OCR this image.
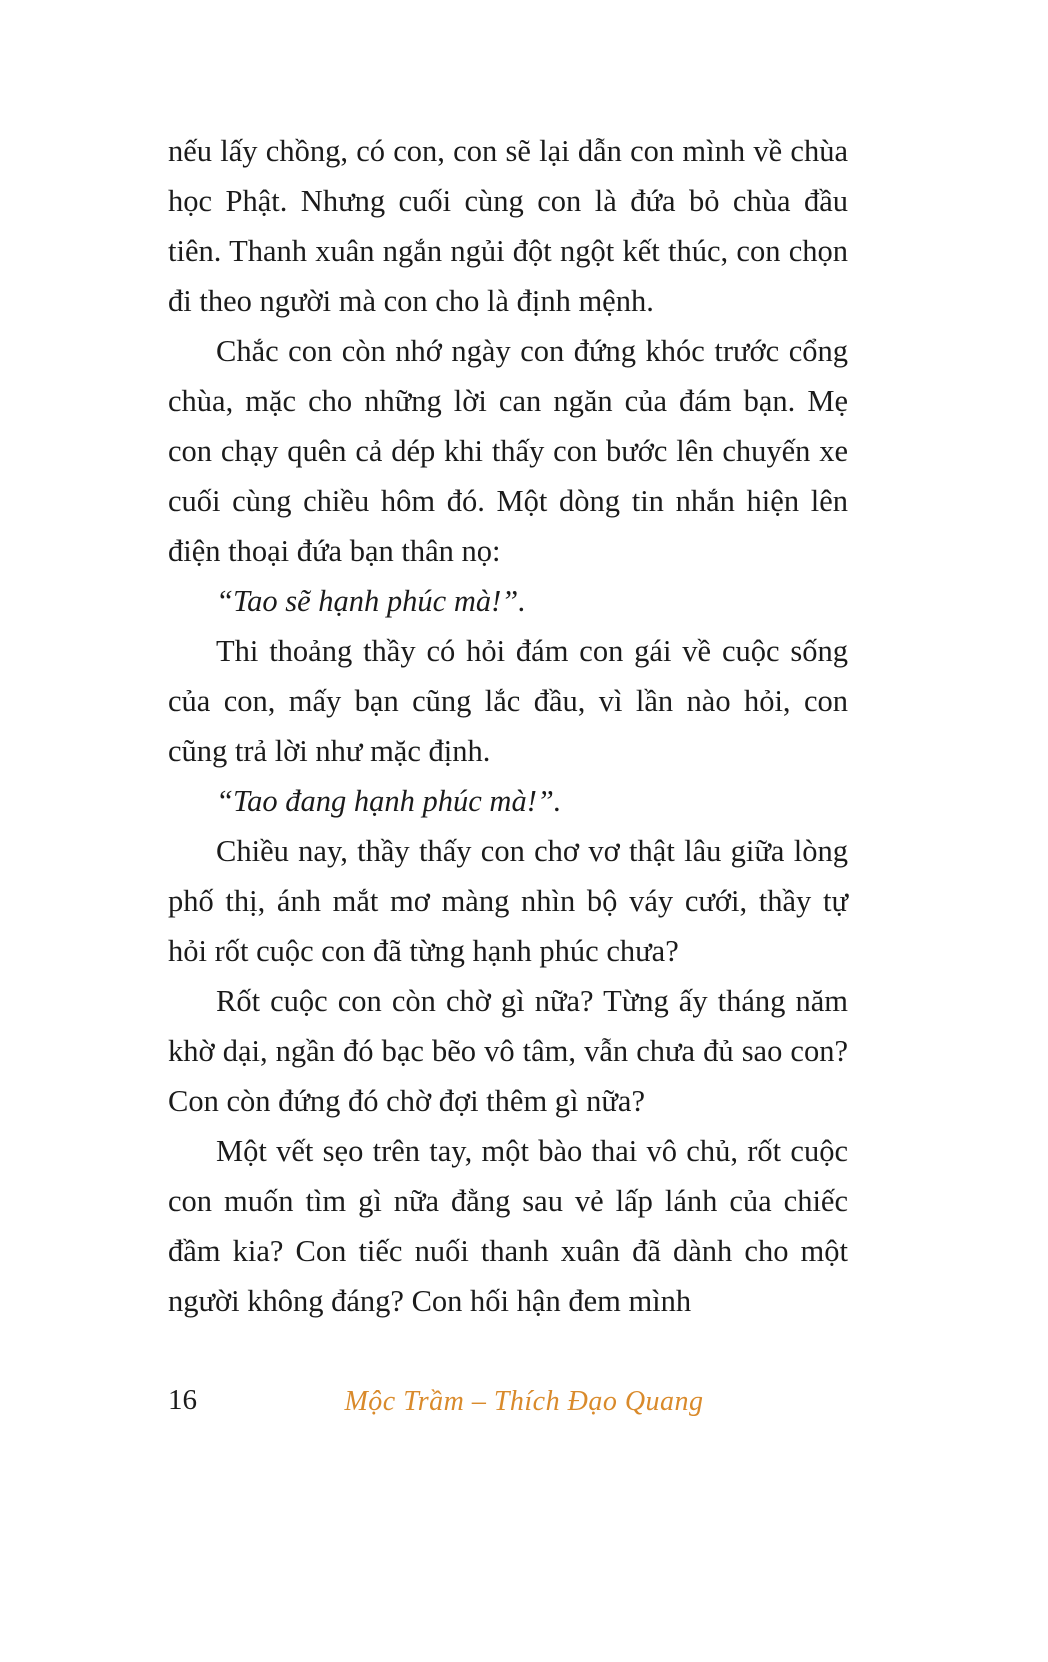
nếu lấy chồng, có con, con sẽ lại dẫn con mình về chùa học Phật. Nhưng cuối cùng con là đứa bỏ chùa đầu tiên. Thanh xuân ngắn ngủi đột ngột kết thúc, con chọn đi theo người mà con cho là định mệnh.

Chắc con còn nhớ ngày con đứng khóc trước cổng chùa, mặc cho những lời can ngăn của đám bạn. Mẹ con chạy quên cả dép khi thấy con bước lên chuyến xe cuối cùng chiều hôm đó. Một dòng tin nhắn hiện lên điện thoại đứa bạn thân nọ:

“Tao sẽ hạnh phúc mà!”.

Thi thoảng thầy có hỏi đám con gái về cuộc sống của con, mấy bạn cũng lắc đầu, vì lần nào hỏi, con cũng trả lời như mặc định.

“Tao đang hạnh phúc mà!”.

Chiều nay, thầy thấy con chơ vơ thật lâu giữa lòng phố thị, ánh mắt mơ màng nhìn bộ váy cưới, thầy tự hỏi rốt cuộc con đã từng hạnh phúc chưa?

Rốt cuộc con còn chờ gì nữa? Từng ấy tháng năm khờ dại, ngần đó bạc bẽo vô tâm, vẫn chưa đủ sao con? Con còn đứng đó chờ đợi thêm gì nữa?

Một vết sẹo trên tay, một bào thai vô chủ, rốt cuộc con muốn tìm gì nữa đằng sau vẻ lấp lánh của chiếc đầm kia? Con tiếc nuối thanh xuân đã dành cho một người không đáng? Con hối hận đem mình

16	Mộc Trầm – Thích Đạo Quang
